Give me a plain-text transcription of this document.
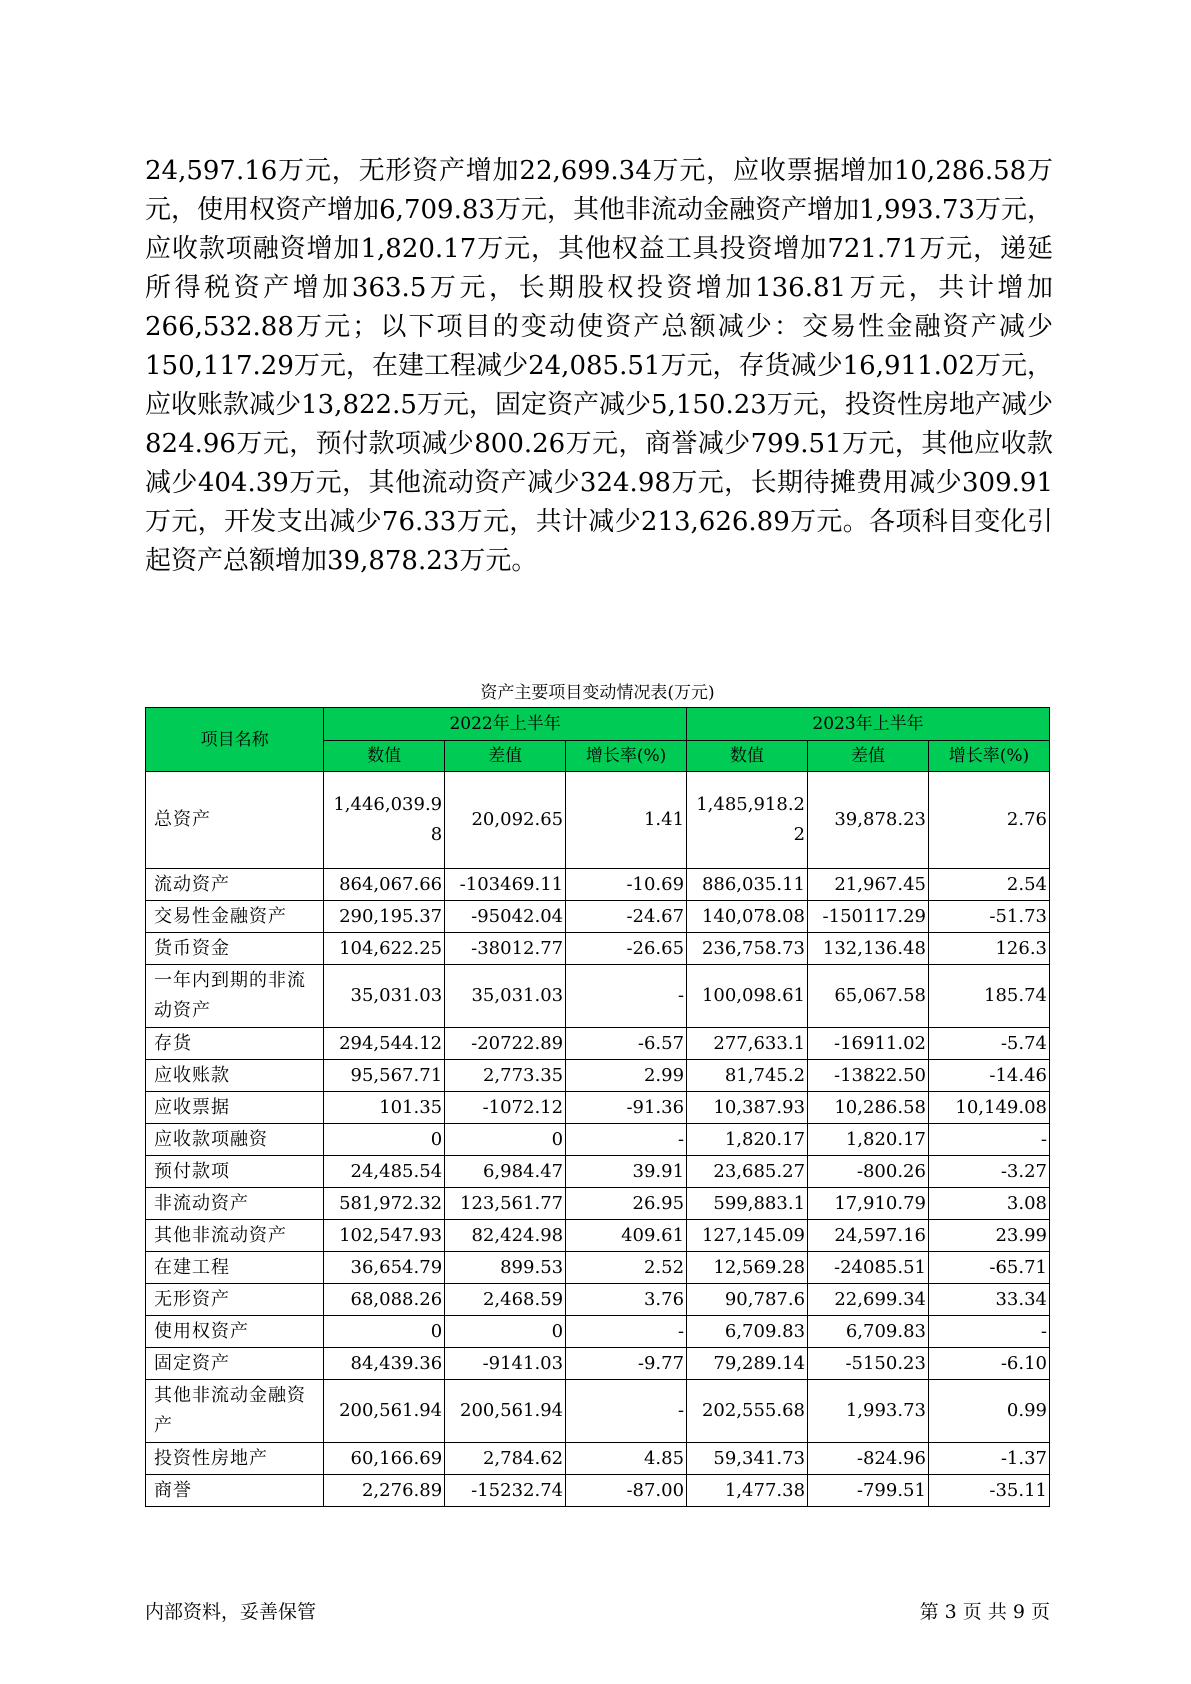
24,597.16万元，无形资产增加22,699.34万元，应收票据增加10,286.58万元，使用权资产增加6,709.83万元，其他非流动金融资产增加1,993.73万元，应收款项融资增加1,820.17万元，其他权益工具投资增加721.71万元，递延所得税资产增加363.5万元，长期股权投资增加136.81万元，共计增加266,532.88万元；以下项目的变动使资产总额减少：交易性金融资产减少150,117.29万元，在建工程减少24,085.51万元，存货减少16,911.02万元，应收账款减少13,822.5万元，固定资产减少5,150.23万元，投资性房地产减少824.96万元，预付款项减少800.26万元，商誉减少799.51万元，其他应收款减少404.39万元，其他流动资产减少324.98万元，长期待摊费用减少309.91万元，开发支出减少76.33万元，共计减少213,626.89万元。各项科目变化引起资产总额增加39,878.23万元。

资产主要项目变动情况表(万元)
项目名称	2022年上半年			2023年上半年		
	数值	差值	增长率(%)	数值	差值	增长率(%)
总资产	1,446,039.98	20,092.65	1.41	1,485,918.22	39,878.23	2.76
流动资产	864,067.66	-103469.11	-10.69	886,035.11	21,967.45	2.54
交易性金融资产	290,195.37	-95042.04	-24.67	140,078.08	-150117.29	-51.73
货币资金	104,622.25	-38012.77	-26.65	236,758.73	132,136.48	126.3
一年内到期的非流动资产	35,031.03	35,031.03	-	100,098.61	65,067.58	185.74
存货	294,544.12	-20722.89	-6.57	277,633.1	-16911.02	-5.74
应收账款	95,567.71	2,773.35	2.99	81,745.2	-13822.50	-14.46
应收票据	101.35	-1072.12	-91.36	10,387.93	10,286.58	10,149.08
应收款项融资	0	0	-	1,820.17	1,820.17	-
预付款项	24,485.54	6,984.47	39.91	23,685.27	-800.26	-3.27
非流动资产	581,972.32	123,561.77	26.95	599,883.1	17,910.79	3.08
其他非流动资产	102,547.93	82,424.98	409.61	127,145.09	24,597.16	23.99
在建工程	36,654.79	899.53	2.52	12,569.28	-24085.51	-65.71
无形资产	68,088.26	2,468.59	3.76	90,787.6	22,699.34	33.34
使用权资产	0	0	-	6,709.83	6,709.83	-
固定资产	84,439.36	-9141.03	-9.77	79,289.14	-5150.23	-6.10
其他非流动金融资产	200,561.94	200,561.94	-	202,555.68	1,993.73	0.99
投资性房地产	60,166.69	2,784.62	4.85	59,341.73	-824.96	-1.37
商誉	2,276.89	-15232.74	-87.00	1,477.38	-799.51	-35.11
内部资料，妥善保管	第 3 页 共 9 页
